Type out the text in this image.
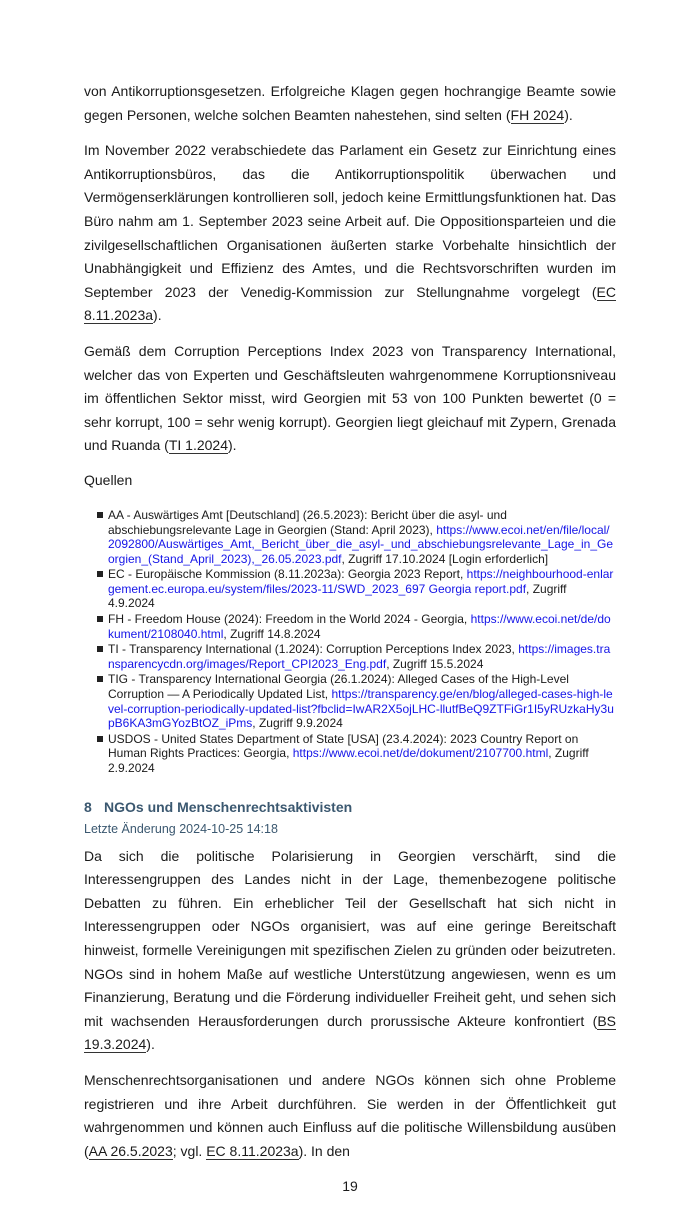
von Antikorruptionsgesetzen. Erfolgreiche Klagen gegen hochrangige Beamte sowie gegen Personen, welche solchen Beamten nahestehen, sind selten (FH 2024).

Im November 2022 verabschiedete das Parlament ein Gesetz zur Einrichtung eines Antikorruptionsbüros, das die Antikorruptionspolitik überwachen und Vermögenserklärungen kontrollieren soll, jedoch keine Ermittlungsfunktionen hat. Das Büro nahm am 1. September 2023 seine Arbeit auf. Die Oppositionsparteien und die zivilgesellschaftlichen Organisationen äußerten starke Vorbehalte hinsichtlich der Unabhängigkeit und Effizienz des Amtes, und die Rechtsvorschriften wurden im September 2023 der Venedig-Kommission zur Stellungnahme vorgelegt (EC 8.11.2023a).

Gemäß dem Corruption Perceptions Index 2023 von Transparency International, welcher das von Experten und Geschäftsleuten wahrgenommene Korruptionsniveau im öffentlichen Sektor misst, wird Georgien mit 53 von 100 Punkten bewertet (0 = sehr korrupt, 100 = sehr wenig korrupt). Georgien liegt gleichauf mit Zypern, Grenada und Ruanda (TI 1.2024).

Quellen
AA - Auswärtiges Amt [Deutschland] (26.5.2023): Bericht über die asyl- und abschiebungsrelevante Lage in Georgien (Stand: April 2023), https://www.ecoi.net/en/file/local/2092800/Auswärtiges_Amt,_Bericht_über_die_asyl-_und_abschiebungsrelevante_Lage_in_Georgien_(Stand_April_2023),_26.05.2023.pdf, Zugriff 17.10.2024 [Login erforderlich]
EC - Europäische Kommission (8.11.2023a): Georgia 2023 Report, https://neighbourhood-enlargement.ec.europa.eu/system/files/2023-11/SWD_2023_697 Georgia report.pdf, Zugriff 4.9.2024
FH - Freedom House (2024): Freedom in the World 2024 - Georgia, https://www.ecoi.net/de/dokument/2108040.html, Zugriff 14.8.2024
TI - Transparency International (1.2024): Corruption Perceptions Index 2023, https://images.transparencycdn.org/images/Report_CPI2023_Eng.pdf, Zugriff 15.5.2024
TIG - Transparency International Georgia (26.1.2024): Alleged Cases of the High-Level Corruption — A Periodically Updated List, https://transparency.ge/en/blog/alleged-cases-high-level-corruption-periodically-updated-list?fbclid=IwAR2X5ojLHC-llutfBeQ9ZTFiGr1I5yRUzkaHy3upB6KA3mGYozBtOZ_iPms, Zugriff 9.9.2024
USDOS - United States Department of State [USA] (23.4.2024): 2023 Country Report on Human Rights Practices: Georgia, https://www.ecoi.net/de/dokument/2107700.html, Zugriff 2.9.2024
8 NGOs und Menschenrechtsaktivisten
Letzte Änderung 2024-10-25 14:18

Da sich die politische Polarisierung in Georgien verschärft, sind die Interessengruppen des Landes nicht in der Lage, themenbezogene politische Debatten zu führen. Ein erheblicher Teil der Gesellschaft hat sich nicht in Interessengruppen oder NGOs organisiert, was auf eine geringe Bereitschaft hinweist, formelle Vereinigungen mit spezifischen Zielen zu gründen oder beizutreten. NGOs sind in hohem Maße auf westliche Unterstützung angewiesen, wenn es um Finanzierung, Beratung und die Förderung individueller Freiheit geht, und sehen sich mit wachsenden Herausforderungen durch prorussische Akteure konfrontiert (BS 19.3.2024).

Menschenrechtsorganisationen und andere NGOs können sich ohne Probleme registrieren und ihre Arbeit durchführen. Sie werden in der Öffentlichkeit gut wahrgenommen und können auch Einfluss auf die politische Willensbildung ausüben (AA 26.5.2023; vgl. EC 8.11.2023a). In den

19
